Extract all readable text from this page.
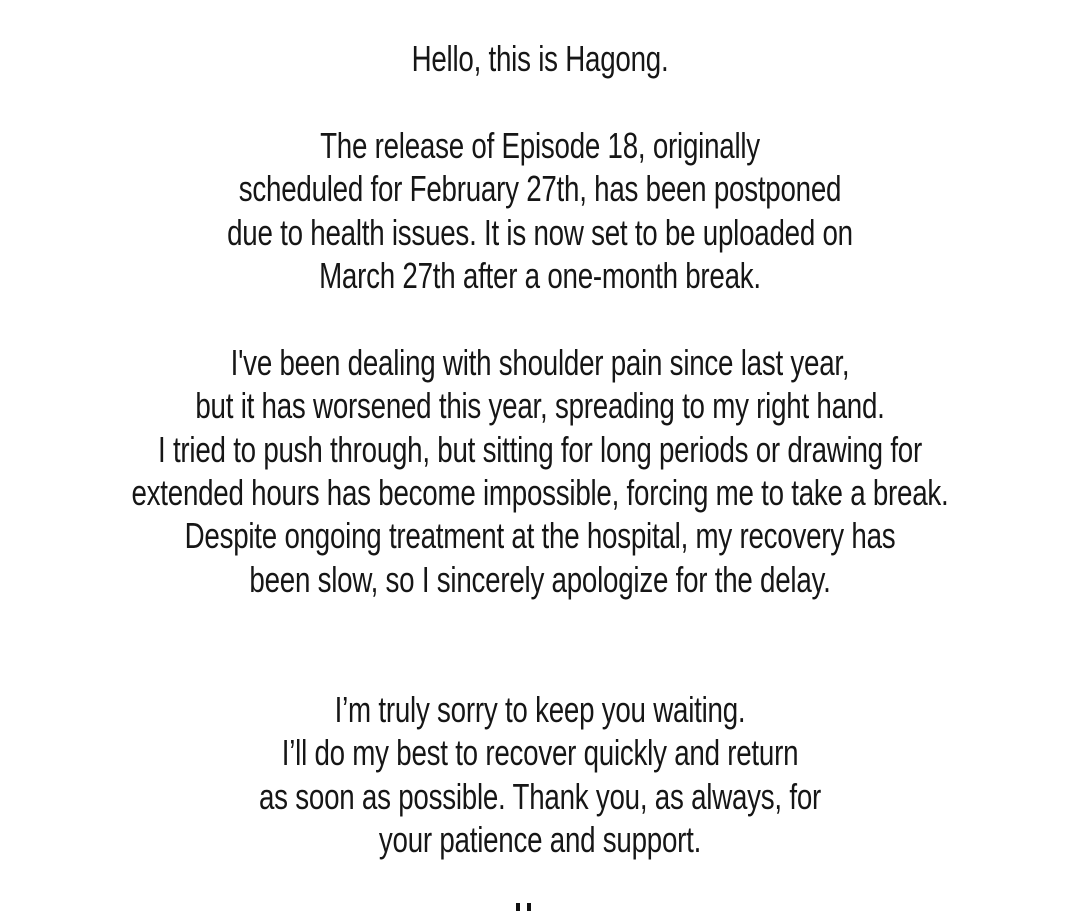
Hello, this is Hagong.

The release of Episode 18, originally
scheduled for February 27th, has been postponed
due to health issues. It is now set to be uploaded on
March 27th after a one-month break.

I've been dealing with shoulder pain since last year,
but it has worsened this year, spreading to my right hand.
I tried to push through, but sitting for long periods or drawing for
extended hours has become impossible, forcing me to take a break.
Despite ongoing treatment at the hospital, my recovery has
been slow, so I sincerely apologize for the delay.

I’m truly sorry to keep you waiting.
I’ll do my best to recover quickly and return
as soon as possible. Thank you, as always, for
your patience and support.
